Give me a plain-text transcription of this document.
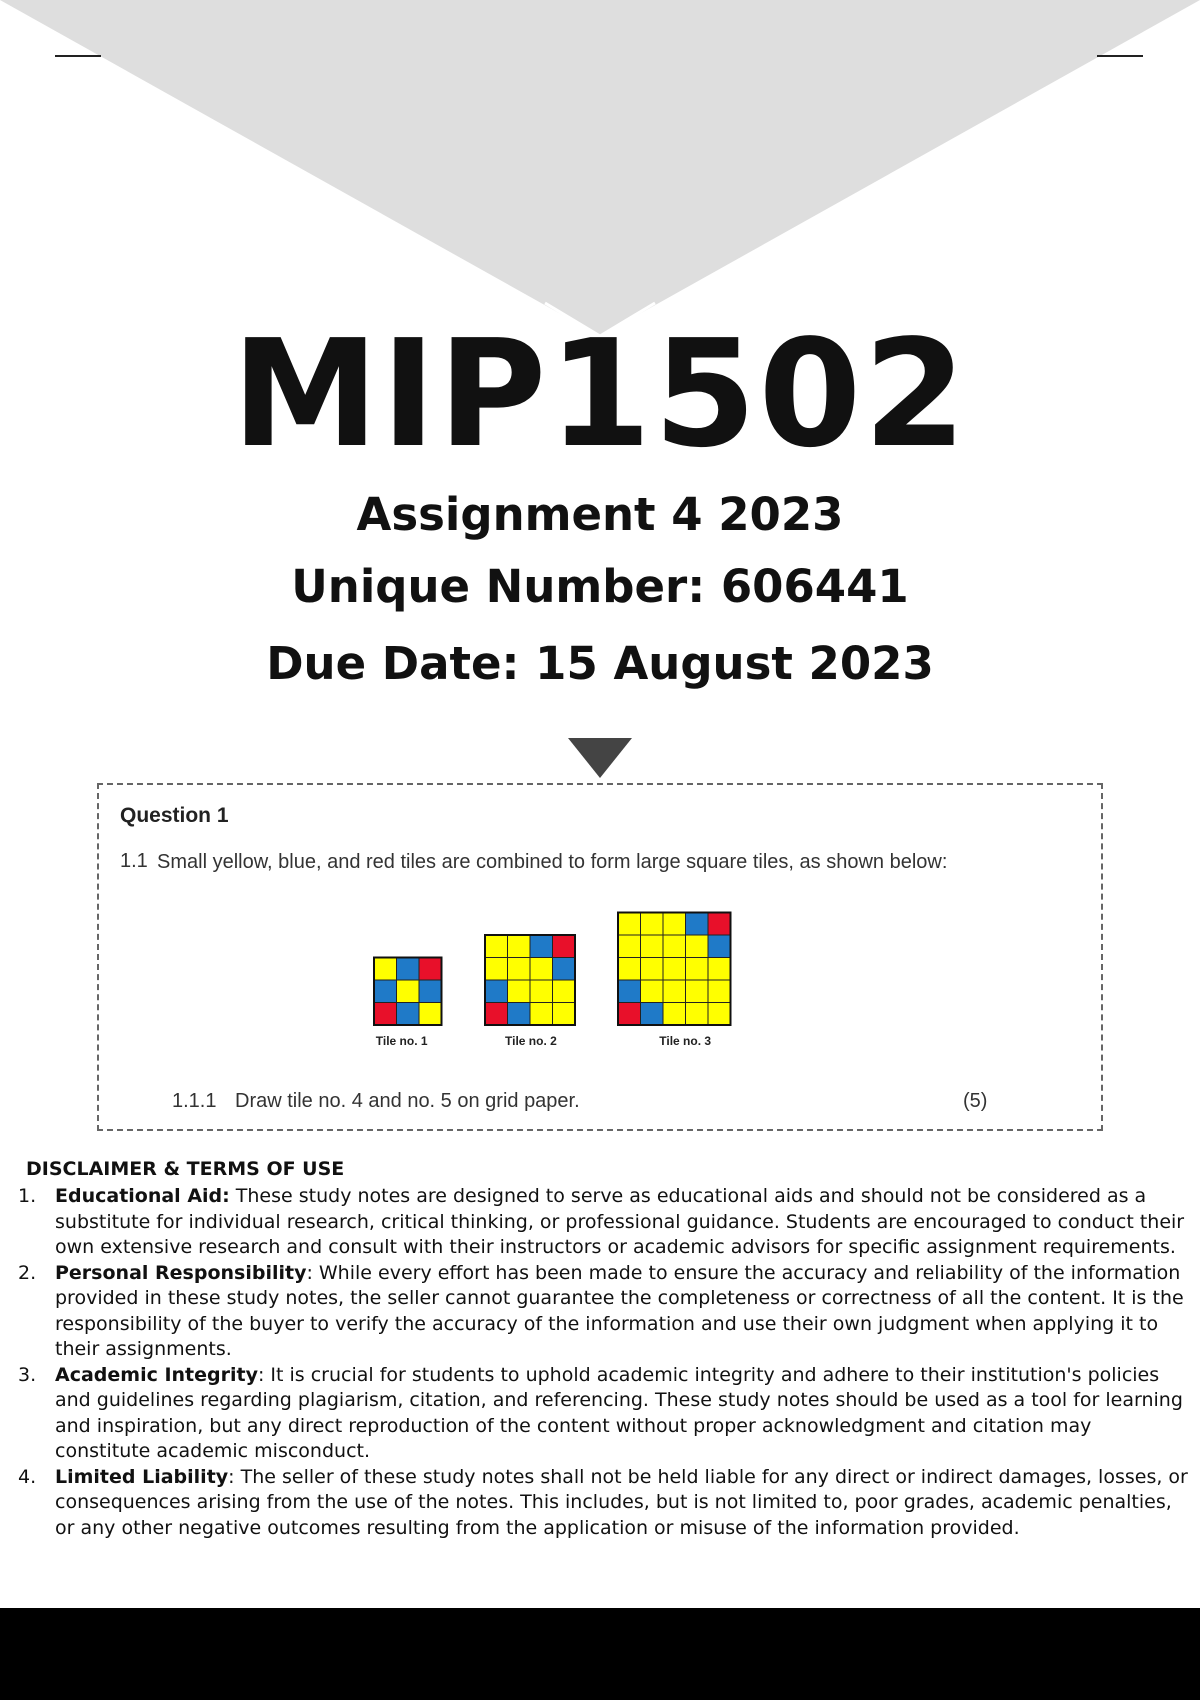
MIP1502
Assignment 4 2023
Unique Number: 606441
Due Date: 15 August 2023
Question 1
1.1 Small yellow, blue, and red tiles are combined to form large square tiles, as shown below:
Tile no. 1	Tile no. 2	Tile no. 3
1.1.1 Draw tile no. 4 and no. 5 on grid paper.	(5)
DISCLAIMER & TERMS OF USE
1. Educational Aid: These study notes are designed to serve as educational aids and should not be considered as a substitute for individual research, critical thinking, or professional guidance. Students are encouraged to conduct their own extensive research and consult with their instructors or academic advisors for specific assignment requirements.
2. Personal Responsibility: While every effort has been made to ensure the accuracy and reliability of the information provided in these study notes, the seller cannot guarantee the completeness or correctness of all the content. It is the responsibility of the buyer to verify the accuracy of the information and use their own judgment when applying it to their assignments.
3. Academic Integrity: It is crucial for students to uphold academic integrity and adhere to their institution's policies and guidelines regarding plagiarism, citation, and referencing. These study notes should be used as a tool for learning and inspiration, but any direct reproduction of the content without proper acknowledgment and citation may constitute academic misconduct.
4. Limited Liability: The seller of these study notes shall not be held liable for any direct or indirect damages, losses, or consequences arising from the use of the notes. This includes, but is not limited to, poor grades, academic penalties, or any other negative outcomes resulting from the application or misuse of the information provided.
